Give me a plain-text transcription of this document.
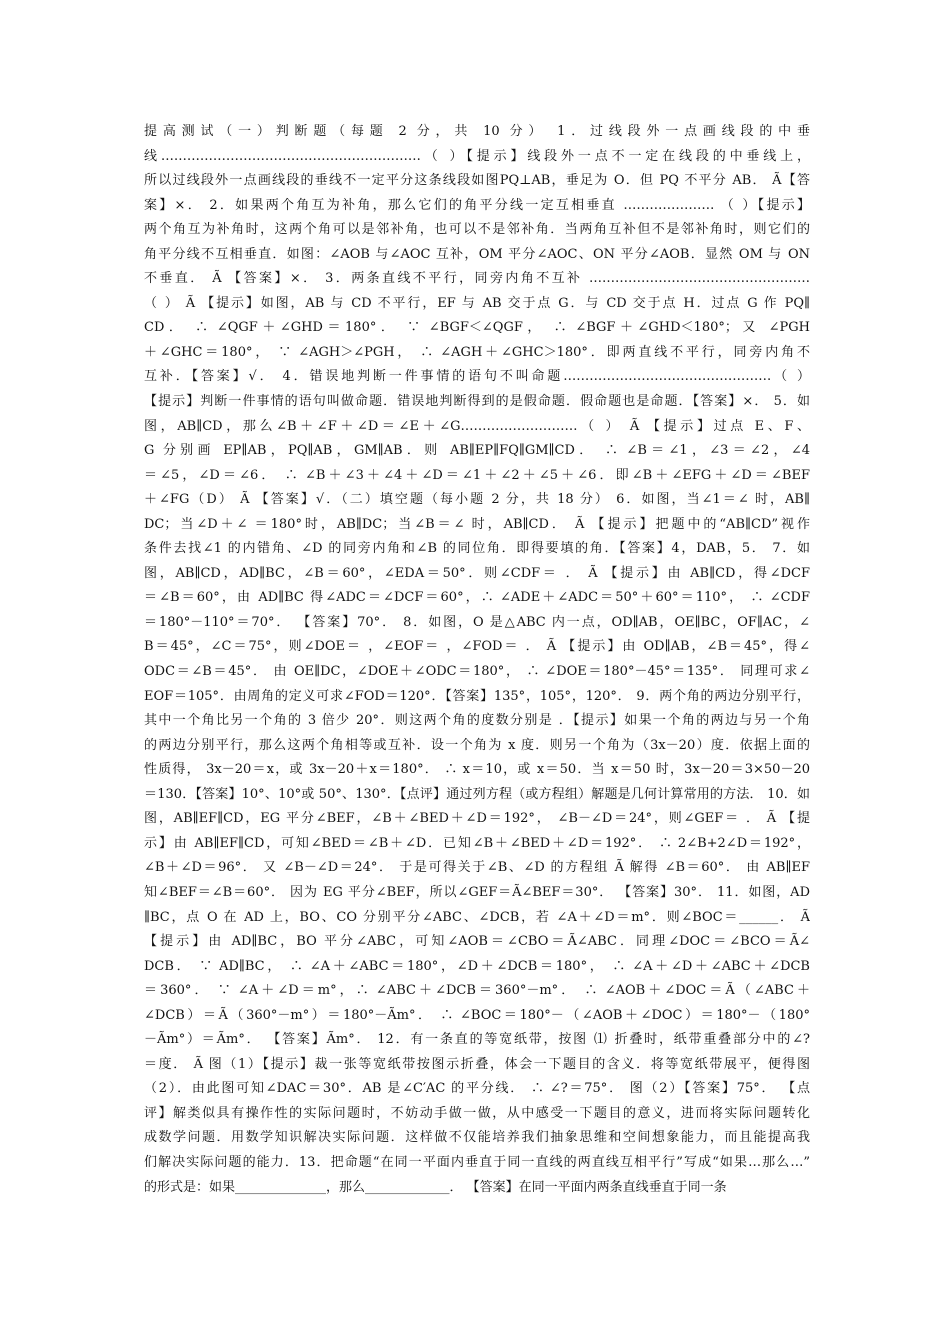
提高测试（一）判断题（每题 2 分，共 10 分） 1．过线段外一点画线段的中垂
线……………………………………………………（ ）【提示】线段外一点不一定在线段的中垂线上，
所以过线段外一点画线段的垂线不一定平分这条线段如图PQ⊥AB，垂足为 O．但 PQ 不平分 AB． Ã【答
案】×． 2．如果两个角互为补角，那么它们的角平分线一定互相垂直 ………………… （ ）【提示】
两个角互为补角时，这两个角可以是邻补角，也可以不是邻补角．当两角互补但不是邻补角时，则它们的
角平分线不互相垂直．如图：∠AOB 与∠AOC 互补，OM 平分∠AOC、ON 平分∠AOB．显然 OM 与 ON
不垂直． Ã 【答案】×． 3．两条直线不平行，同旁内角不互补 ……………………………………………
（ ） Ã 【提示】如图，AB 与 CD 不平行，EF 与 AB 交于点 G．与 CD 交于点 H．过点 G 作 PQ∥
CD． ∴ ∠QGF＋∠GHD＝180°． ∵ ∠BGF＜∠QGF， ∴ ∠BGF＋∠GHD＜180°；又 ∠PGH
＋∠GHC＝180°， ∵ ∠AGH＞∠PGH， ∴ ∠AGH＋∠GHC＞180°．即两直线不平行，同旁内角不
互补．【答案】√． 4．错误地判断一件事情的语句不叫命题…………………………………………（ ）
【提示】判断一件事情的语句叫做命题．错误地判断得到的是假命题．假命题也是命题．【答案】×． 5．如
图，AB∥CD，那么∠B＋∠F＋∠D＝∠E＋∠G………………………（ ） Ã 【提示】过点 E、F、
G 分别画 EP∥AB，PQ∥AB，GM∥AB．则 AB∥EP∥FQ∥GM∥CD． ∴ ∠B＝∠1，∠3＝∠2，∠4
＝∠5，∠D＝∠6． ∴ ∠B＋∠3＋∠4＋∠D＝∠1＋∠2＋∠5＋∠6．即∠B＋∠EFG＋∠D＝∠BEF
＋∠FG（D） Ã 【答案】√．（二）填空题（每小题 2 分，共 18 分） 6．如图，当∠1＝∠ 时，AB∥
DC；当∠D＋∠ ＝180°时，AB∥DC；当∠B＝∠ 时，AB∥CD． Ã 【提示】把题中的“AB∥CD”视作
条件去找∠1 的内错角、∠D 的同旁内角和∠B 的同位角．即得要填的角．【答案】4，DAB，5． 7．如
图，AB∥CD，AD∥BC，∠B＝60°，∠EDA＝50°．则∠CDF＝ ． Ã 【提示】由 AB∥CD，得∠DCF
＝∠B＝60°，由 AD∥BC 得∠ADC＝∠DCF＝60°，∴ ∠ADE＋∠ADC＝50°＋60°＝110°， ∴ ∠CDF
＝180°－110°＝70°． 【答案】70°． 8．如图，O 是△ABC 内一点，OD∥AB，OE∥BC，OF∥AC，∠
B＝45°，∠C＝75°，则∠DOE＝ ，∠EOF＝ ，∠FOD＝ ． Ã 【提示】由 OD∥AB，∠B＝45°，得∠
ODC＝∠B＝45°． 由 OE∥DC，∠DOE＋∠ODC＝180°， ∴ ∠DOE＝180°－45°＝135°． 同理可求∠
EOF＝105°．由周角的定义可求∠FOD＝120°．【答案】135°，105°，120°． 9．两个角的两边分别平行，
其中一个角比另一个角的 3 倍少 20°．则这两个角的度数分别是 ．【提示】如果一个角的两边与另一个角
的两边分别平行，那么这两个角相等或互补．设一个角为 x 度．则另一个角为（3x－20）度．依据上面的
性质得， 3x－20＝x，或 3x－20＋x＝180°． ∴ x＝10，或 x＝50．当 x＝50 时，3x－20＝3×50－20
＝130．【答案】10°、10°或 50°、130°．【点评】通过列方程（或方程组）解题是几何计算常用的方法． 10．如
图，AB∥EF∥CD，EG 平分∠BEF，∠B＋∠BED＋∠D＝192°， ∠B－∠D＝24°，则∠GEF＝ ． Ã 【提
示】由 AB∥EF∥CD，可知∠BED＝∠B＋∠D．已知∠B＋∠BED＋∠D＝192°． ∴ 2∠B+2∠D＝192°，
∠B＋∠D＝96°． 又 ∠B－∠D＝24°． 于是可得关于∠B、∠D 的方程组 Ã 解得 ∠B＝60°． 由 AB∥EF
知∠BEF＝∠B＝60°． 因为 EG 平分∠BEF，所以∠GEF＝Ã∠BEF＝30°． 【答案】30°． 11．如图，AD
∥BC，点 O 在 AD 上，BO、CO 分别平分∠ABC、∠DCB，若 ∠A＋∠D＝m°．则∠BOC＝______． Ã
【提示】由 AD∥BC，BO 平分∠ABC，可知∠AOB＝∠CBO＝Ã∠ABC．同理∠DOC＝∠BCO＝Ã∠
DCB． ∵ AD∥BC， ∴ ∠A＋∠ABC＝180°，∠D＋∠DCB＝180°， ∴ ∠A＋∠D＋∠ABC＋∠DCB
＝360°． ∵ ∠A＋∠D＝m°，∴ ∠ABC＋∠DCB＝360°－m°． ∴ ∠AOB＋∠DOC＝Ã（∠ABC＋
∠DCB）＝Ã（360°－m°）＝180°－Ãm°． ∴ ∠BOC＝180°－（∠AOB＋∠DOC）＝180°－（180°
－Ãm°）＝Ãm°． 【答案】Ãm°． 12．有一条直的等宽纸带，按图 ⑴ 折叠时，纸带重叠部分中的∠?
＝度． Ã 图（1）【提示】裁一张等宽纸带按图示折叠，体会一下题目的含义．将等宽纸带展平，便得图
（2）．由此图可知∠DAC＝30°．AB 是∠C′AC 的平分线． ∴ ∠?＝75°． 图（2）【答案】75°． 【点
评】解类似具有操作性的实际问题时，不妨动手做一做，从中感受一下题目的意义，进而将实际问题转化
成数学问题．用数学知识解决实际问题．这样做不仅能培养我们抽象思维和空间想象能力，而且能提高我
们解决实际问题的能力．13．把命题“在同一平面内垂直于同一直线的两直线互相平行”写成“如果…那么…”
的形式是：如果______________，那么_____________． 【答案】在同一平面内两条直线垂直于同一条
